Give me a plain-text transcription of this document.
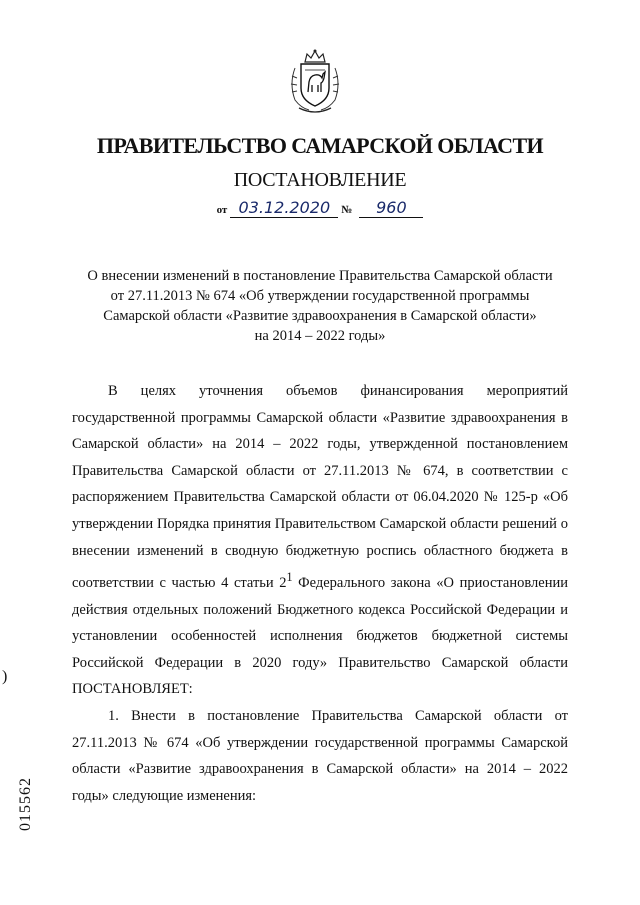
ПРАВИТЕЛЬСТВО САМАРСКОЙ ОБЛАСТИ
ПОСТАНОВЛЕНИЕ
от 03.12.2020 № 960
О внесении изменений в постановление Правительства Самарской области
от 27.11.2013 № 674 «Об утверждении государственной программы
Самарской области «Развитие здравоохранения в Самарской области»
на 2014 – 2022 годы»

В целях уточнения объемов финансирования мероприятий государственной программы Самарской области «Развитие здравоохранения в Самарской области» на 2014 – 2022 годы, утвержденной постановлением Правительства Самарской области от 27.11.2013 № 674, в соответствии с распоряжением Правительства Самарской области от 06.04.2020 № 125-р «Об утверждении Порядка принятия Правительством Самарской области решений о внесении изменений в сводную бюджетную роспись областного бюджета в соответствии с частью 4 статьи $2^1$ Федерального закона «О приостановлении действия отдельных положений Бюджетного кодекса Российской Федерации и установлении особенностей исполнения бюджетов бюджетной системы Российской Федерации в 2020 году» Правительство Самарской области ПОСТАНОВЛЯЕТ:

1. Внести в постановление Правительства Самарской области от 27.11.2013 № 674 «Об утверждении государственной программы Самарской области «Развитие здравоохранения в Самарской области» на 2014 – 2022 годы» следующие изменения:

)
015562
